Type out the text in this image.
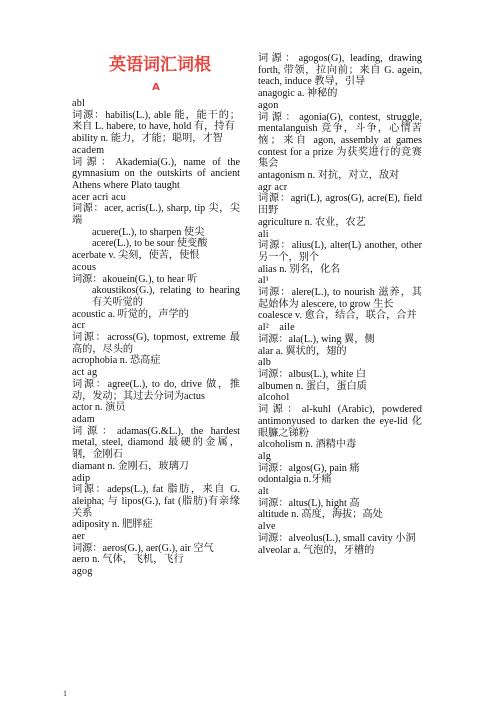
英语词汇词根
A
abl
词源：habilis(L.), able 能，能干的；来自 L. habere, to have, hold 有，持有
ability n. 能力，才能；聪明，才智
academ
词源：Akademia(G.), name of the gymnasium on the outskirts of ancient Athens where Plato taught
acer acri acu
词源：acer, acris(L.), sharp, tip 尖，尖端
acuere(L.), to sharpen 使尖
acere(L.), to be sour 使变酸
acerbate v. 尖刻，使苦，使恨
acous
词源：akouein(G.), to hear 听
akoustikos(G.), relating to hearing 有关听觉的
acoustic a. 听觉的，声学的
acr
词源：across(G), topmost, extreme 最高的，尽头的
acrophobia n. 恐高症
act ag
词源：agree(L.), to do, drive 做，推动，发动；其过去分词为actus
actor n. 演员
adam
词源：adamas(G.&L.), the hardest metal, steel, diamond 最硬的金属，钢，金刚石
diamant n. 金刚石，玻璃刀
adip
词源：adeps(L.), fat 脂肪，来自 G. aleipha; 与 lipos(G.), fat (脂肪)有亲缘关系
adiposity n. 肥胖症
aer
词源：aeros(G.), aer(G.), air 空气
aero n. 气体，飞机，飞行
agog
词源：agogos(G), leading, drawing forth, 带领，拉向前；来自 G. agein, teach, induce 教导，引导
anagogic a. 神秘的
agon
词源：agonia(G), contest, struggle, mentalanguish 竞争，斗争，心情苦恼；来自 agon, assembly at games contest for a prize 为获奖进行的竞赛集会
antagonism n. 对抗，对立，敌对
agr acr
词源：agri(L), agros(G), acre(E), field 田野
agriculture n. 农业，农艺
ali
词源：alius(L), alter(L) another, other 另一个，别个
alias n. 别名，化名
al¹
词源：alere(L.), to nourish 滋养，其起始体为 alescere, to grow 生长
coalesce v. 愈合，结合，联合，合并
al²　aile
词源：ala(L.), wing 翼，侧
alar a. 翼状的，翅的
alb
词源：albus(L.), white 白
albumen n. 蛋白，蛋白质
alcohol
词源：al-kuhl (Arabic), powdered antimonyused to darken the eye-lid 化眼臁之锑粉
alcoholism n. 酒精中毒
alg
词源：algos(G), pain 痛
odontalgia n.牙痛
alt
词源：altus(L), hight 高
altitude n. 高度，海拔；高处
alve
词源：alveolus(L.), small cavity 小洞
alveolar a. 气泡的，牙槽的
1
